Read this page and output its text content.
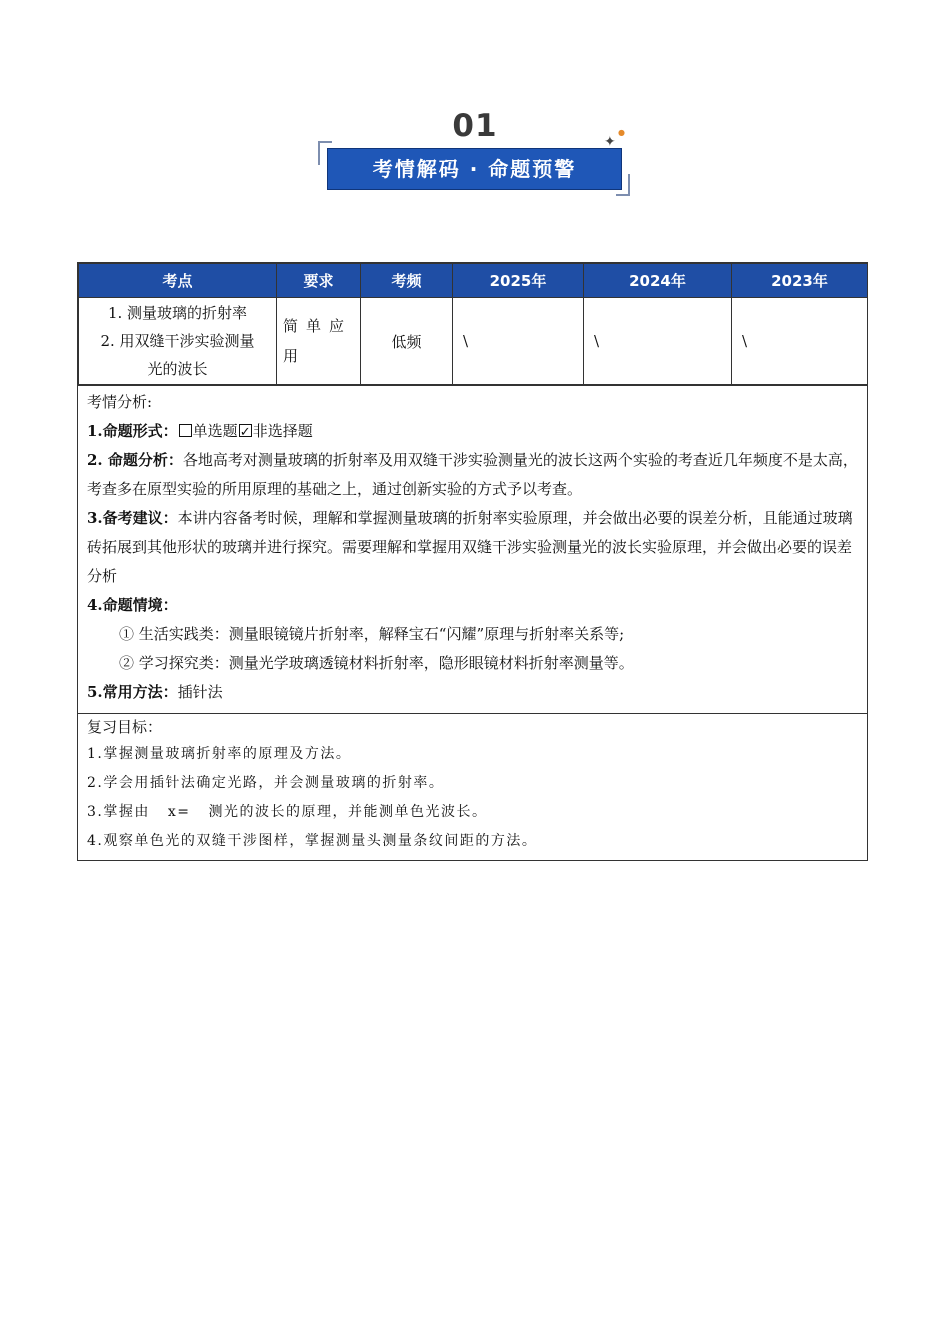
01
考情解码 · 命题预警
✦
●
考点	要求	考频	2025年	2024年	2023年

1. 测量玻璃的折射率
2. 用双缝干涉实验测量
光的波长	简单应用	低频	\	\	\

考情分析:

1.命题形式： 单选题 ✓ 非选择题

2. 命题分析：各地高考对测量玻璃的折射率及用双缝干涉实验测量光的波长这两个实验的考查近几年频度不是太高，考查多在原型实验的所用原理的基础之上，通过创新实验的方式予以考查。

3.备考建议：本讲内容备考时候，理解和掌握测量玻璃的折射率实验原理，并会做出必要的误差分析，且能通过玻璃砖拓展到其他形状的玻璃并进行探究。需要理解和掌握用双缝干涉实验测量光的波长实验原理，并会做出必要的误差分析

4.命题情境：

① 生活实践类：测量眼镜镜片折射率，解释宝石“闪耀”原理与折射率关系等;

② 学习探究类：测量光学玻璃透镜材料折射率，隐形眼镜材料折射率测量等。

5.常用方法：插针法

复习目标：
1.掌握测量玻璃折射率的原理及方法。
2.学会用插针法确定光路，并会测量玻璃的折射率。
3.掌握由 x= 测光的波长的原理，并能测单色光波长。
4.观察单色光的双缝干涉图样，掌握测量头测量条纹间距的方法。
